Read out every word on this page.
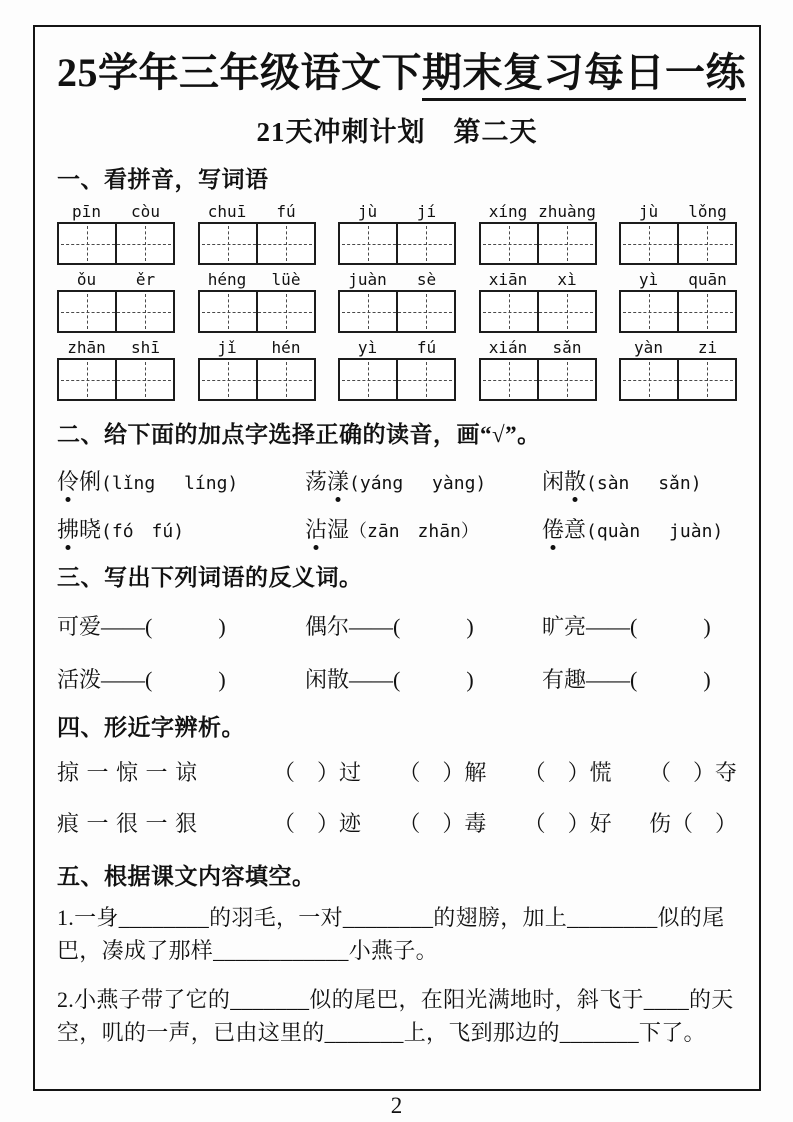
25学年三年级语文下期末复习每日一练
21天冲刺计划　第二天
一、看拼音，写词语
pīn	còu	chuī	fú	jù	jí	xíng zhuàng	jù	lǒng
ǒu	ěr	héng	lüè	juàn	sè	xiān	xì	yì	quān
zhān	shī	jǐ	hén	yì	fú	xián	sǎn	yàn	zi
二、给下面的加点字选择正确的读音，画“√”。
伶俐(lǐng　 líng)	荡漾(yáng　 yàng)	闲散(sàn　 sǎn)
拂晓(fó　fú)	沾湿（zān　zhān）	倦意(quàn　 juàn)
三、写出下列词语的反义词。
可爱——(　　　)	偶尔——(　　　)	旷亮——(　　　)
活泼——(　　　)	闲散——(　　　)	有趣——(　　　)
四、形近字辨析。
掠 一 惊 一 谅	（　）过 （　）解 （　）慌 （　）夺
痕 一 很 一 狠	（　）迹 （　）毒 （　）好 伤（　）
五、根据课文内容填空。

1.一身________的羽毛，一对________的翅膀，加上________似的尾巴，凑成了那样____________小燕子。

2.小燕子带了它的_______似的尾巴，在阳光满地时，斜飞于____的天空，叽的一声，已由这里的_______上，飞到那边的_______下了。

2
